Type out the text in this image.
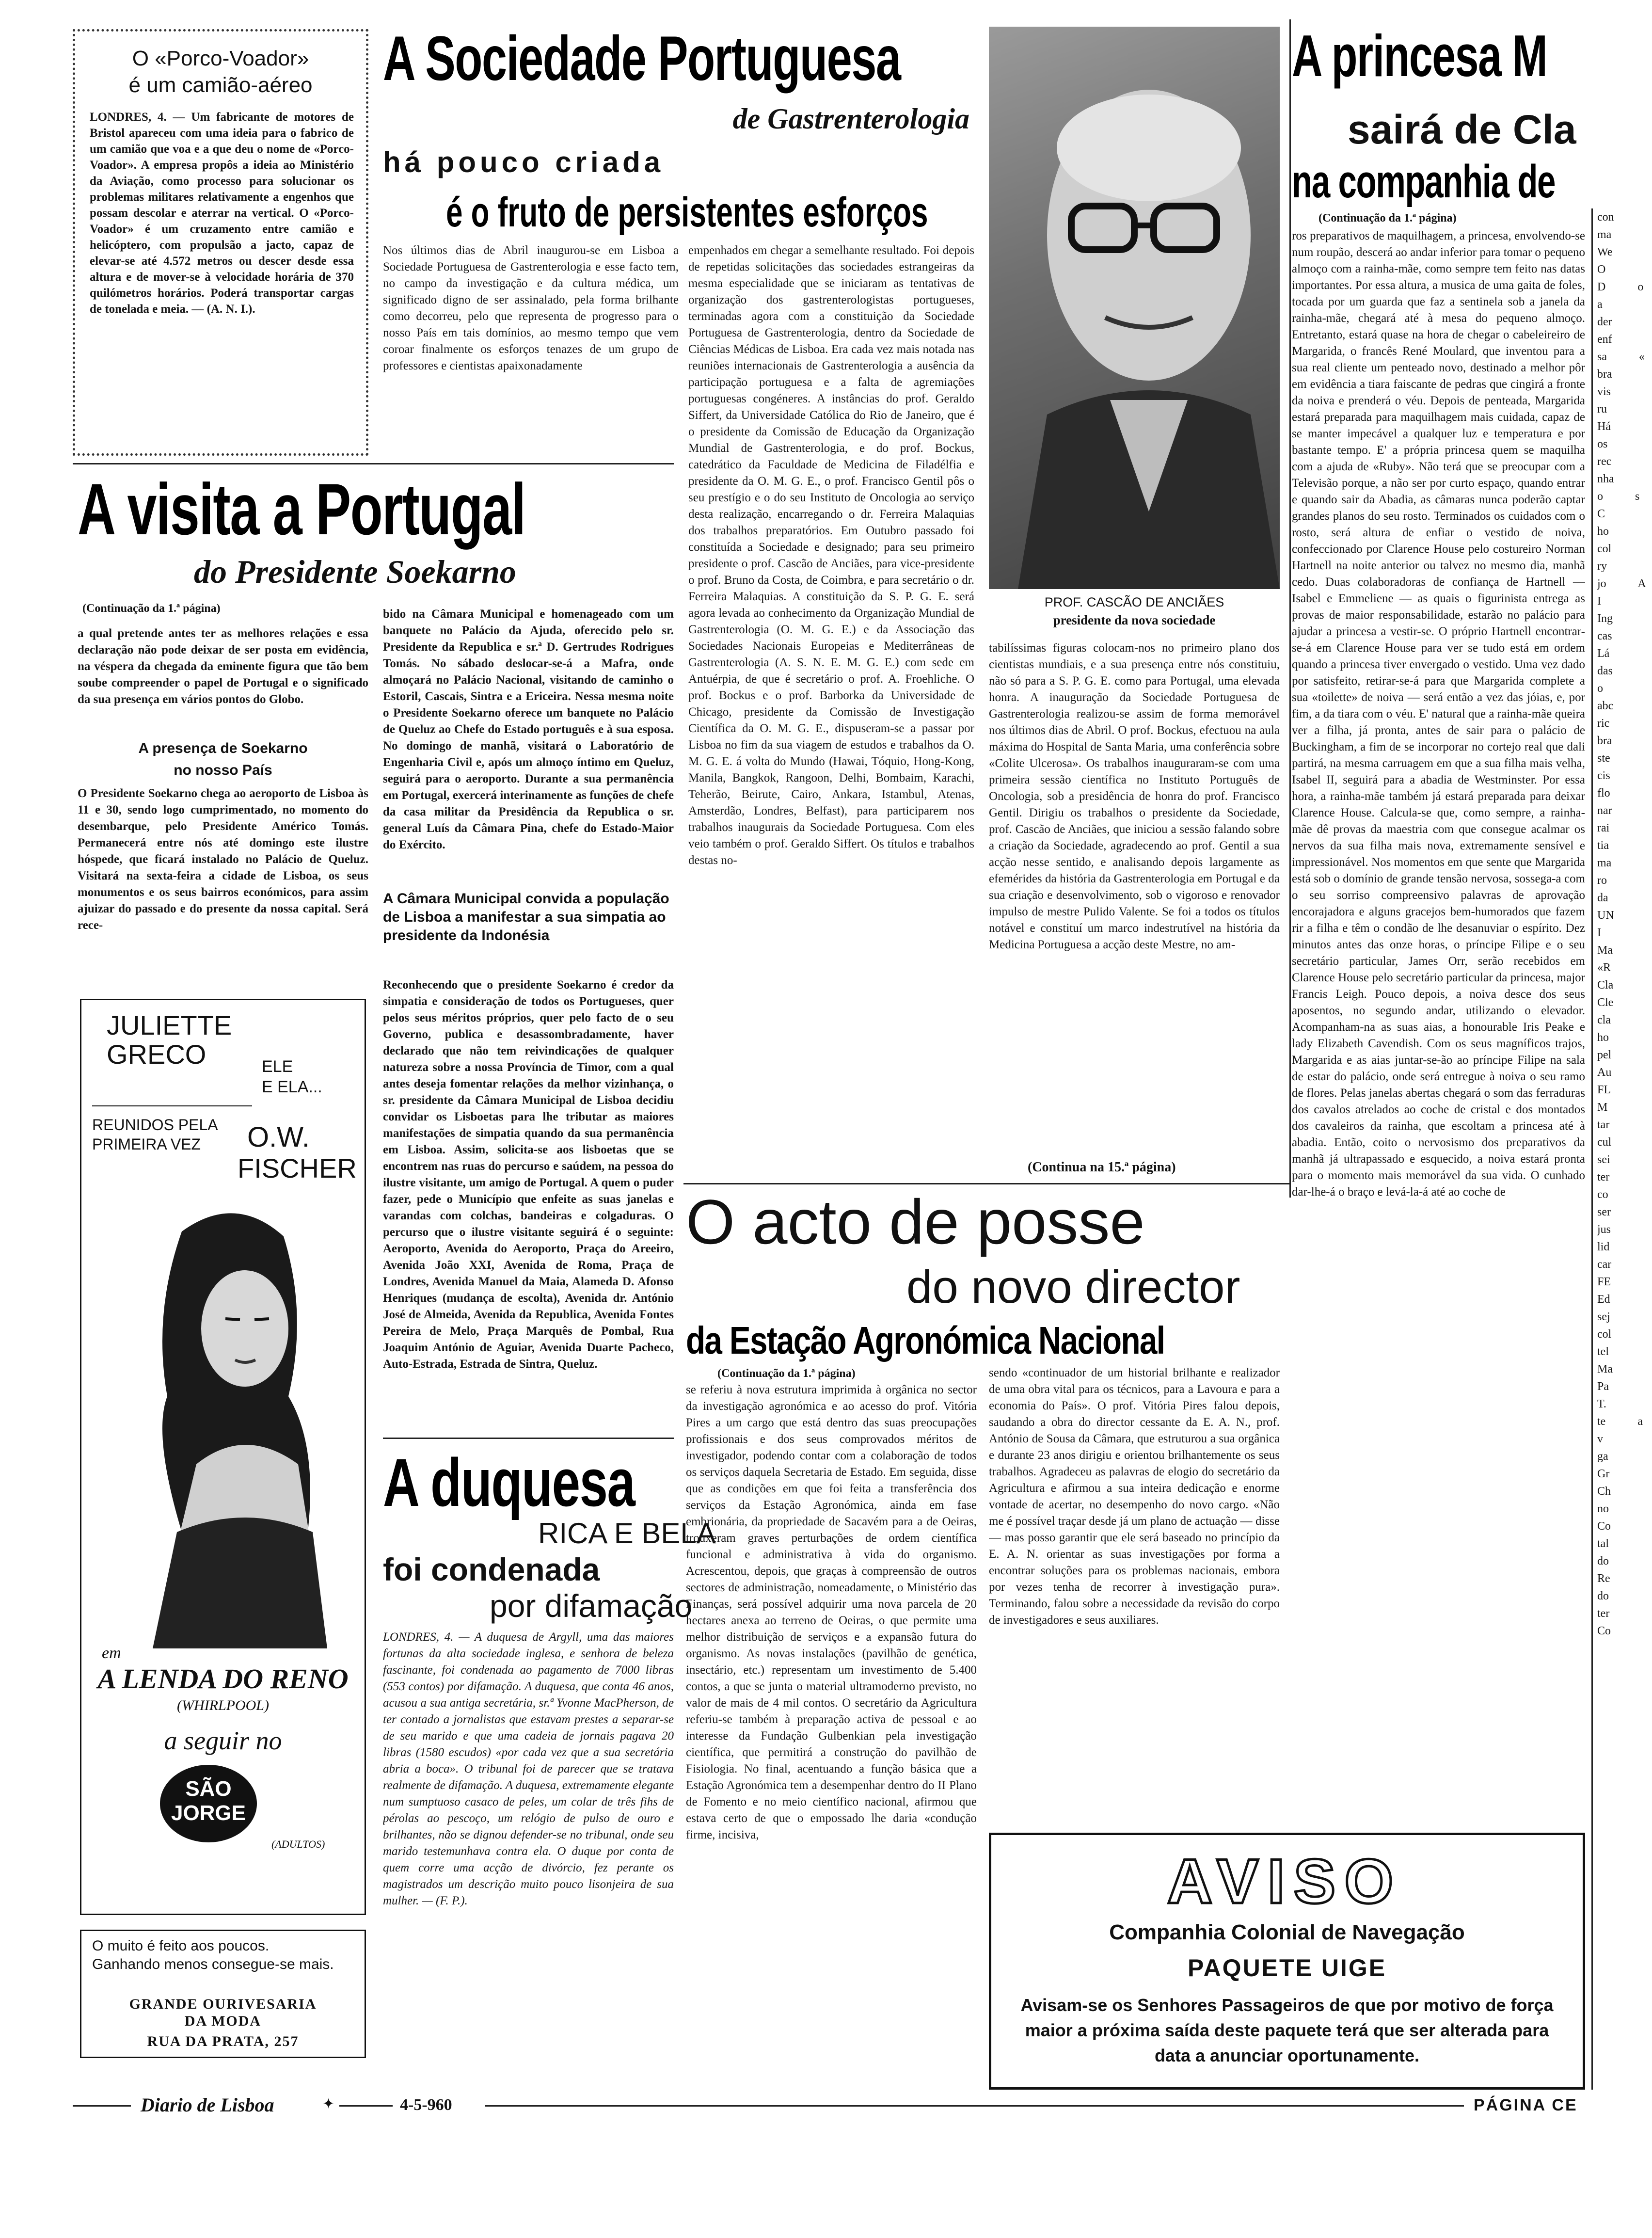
O «Porco-Voador»
é um camião-aéreo
LONDRES, 4. — Um fabricante de motores de Bristol apareceu com uma ideia para o fabrico de um camião que voa e a que deu o nome de «Porco-Voador». A empresa propôs a ideia ao Ministério da Aviação, como processo para solucionar os problemas militares relativamente a engenhos que possam descolar e aterrar na vertical. O «Porco-Voador» é um cruzamento entre camião e helicóptero, com propulsão a jacto, capaz de elevar-se até 4.572 metros ou descer desde essa altura e de mover-se à velocidade horária de 370 quilómetros horários. Poderá transportar cargas de tonelada e meia. — (A. N. I.).
A Sociedade Portuguesa
de Gastrenterologia
há pouco criada
é o fruto de persistentes esforços
Nos últimos dias de Abril inaugurou-se em Lisboa a Sociedade Portuguesa de Gastrenterologia e esse facto tem, no campo da investigação e da cultura médica, um significado digno de ser assinalado, pela forma brilhante como decorreu, pelo que representa de progresso para o nosso País em tais domínios, ao mesmo tempo que vem coroar finalmente os esforços tenazes de um grupo de professores e cientistas apaixonadamente
empenhados em chegar a semelhante resultado. Foi depois de repetidas solicitações das sociedades estrangeiras da mesma especialidade que se iniciaram as tentativas de organização dos gastrenterologistas portugueses, terminadas agora com a constituição da Sociedade Portuguesa de Gastrenterologia, dentro da Sociedade de Ciências Médicas de Lisboa. Era cada vez mais notada nas reuniões internacionais de Gastrenterologia a ausência da participação portuguesa e a falta de agremiações portuguesas congéneres. A instâncias do prof. Geraldo Siffert, da Universidade Católica do Rio de Janeiro, que é o presidente da Comissão de Educação da Organização Mundial de Gastrenterologia, e do prof. Bockus, catedrático da Faculdade de Medicina de Filadélfia e presidente da O. M. G. E., o prof. Francisco Gentil pôs o seu prestígio e o do seu Instituto de Oncologia ao serviço desta realização, encarregando o dr. Ferreira Malaquias dos trabalhos preparatórios. Em Outubro passado foi constituída a Sociedade e designado; para seu primeiro presidente o prof. Cascão de Anciães, para vice-presidente o prof. Bruno da Costa, de Coimbra, e para secretário o dr. Ferreira Malaquias. A constituição da S. P. G. E. será agora levada ao conhecimento da Organização Mundial de Gastrenterologia (O. M. G. E.) e da Associação das Sociedades Nacionais Europeias e Mediterrâneas de Gastrenterologia (A. S. N. E. M. G. E.) com sede em Antuérpia, de que é secretário o prof. A. Froehliche. O prof. Bockus e o prof. Barborka da Universidade de Chicago, presidente da Comissão de Investigação Científica da O. M. G. E., dispuseram-se a passar por Lisboa no fim da sua viagem de estudos e trabalhos da O. M. G. E. á volta do Mundo (Hawai, Tóquio, Hong-Kong, Manila, Bangkok, Rangoon, Delhi, Bombaim, Karachi, Teherão, Beirute, Cairo, Ankara, Istambul, Atenas, Amsterdão, Londres, Belfast), para participarem nos trabalhos inaugurais da Sociedade Portuguesa. Com eles veio também o prof. Geraldo Siffert. Os títulos e trabalhos destas no-
PROF. CASCÃO DE ANCIÃES
presidente da nova sociedade
tabilíssimas figuras colocam-nos no primeiro plano dos cientistas mundiais, e a sua presença entre nós constituiu, não só para a S. P. G. E. como para Portugal, uma elevada honra. A inauguração da Sociedade Portuguesa de Gastrenterologia realizou-se assim de forma memorável nos últimos dias de Abril. O prof. Bockus, efectuou na aula máxima do Hospital de Santa Maria, uma conferência sobre «Colite Ulcerosa». Os trabalhos inauguraram-se com uma primeira sessão científica no Instituto Português de Oncologia, sob a presidência de honra do prof. Francisco Gentil. Dirigiu os trabalhos o presidente da Sociedade, prof. Cascão de Anciães, que iniciou a sessão falando sobre a criação da Sociedade, agradecendo ao prof. Gentil a sua acção nesse sentido, e analisando depois largamente as efemérides da história da Gastrenterologia em Portugal e da sua criação e desenvolvimento, sob o vigoroso e renovador impulso de mestre Pulido Valente. Se foi a todos os títulos notável e constituí um marco indestrutível na história da Medicina Portuguesa a acção deste Mestre, no am-
(Continua na 15.ª página)
A princesa M
sairá de Cla
na companhia de
(Continuação da 1.ª página)
ros preparativos de maquilhagem, a princesa, envolvendo-se num roupão, descerá ao andar inferior para tomar o pequeno almoço com a rainha-mãe, como sempre tem feito nas datas importantes. Por essa altura, a musica de uma gaita de foles, tocada por um guarda que faz a sentinela sob a janela da rainha-mãe, chegará até à mesa do pequeno almoço. Entretanto, estará quase na hora de chegar o cabeleireiro de Margarida, o francês René Moulard, que inventou para a sua real cliente um penteado novo, destinado a melhor pôr em evidência a tiara faiscante de pedras que cingirá a fronte da noiva e prenderá o véu. Depois de penteada, Margarida estará preparada para maquilhagem mais cuidada, capaz de se manter impecável a qualquer luz e temperatura e por bastante tempo. E' a própria princesa quem se maquilha com a ajuda de «Ruby». Não terá que se preocupar com a Televisão porque, a não ser por curto espaço, quando entrar e quando sair da Abadia, as câmaras nunca poderão captar grandes planos do seu rosto. Terminados os cuidados com o rosto, será altura de enfiar o vestido de noiva, confeccionado por Clarence House pelo costureiro Norman Hartnell na noite anterior ou talvez no mesmo dia, manhã cedo. Duas colaboradoras de confiança de Hartnell — Isabel e Emmeliene — as quais o figurinista entrega as provas de maior responsabilidade, estarão no palácio para ajudar a princesa a vestir-se. O próprio Hartnell encontrar-se-á em Clarence House para ver se tudo está em ordem quando a princesa tiver envergado o vestido. Uma vez dado por satisfeito, retirar-se-á para que Margarida complete a sua «toilette» de noiva — será então a vez das jóias, e, por fim, a da tiara com o véu. E' natural que a rainha-mãe queira ver a filha, já pronta, antes de sair para o palácio de Buckingham, a fim de se incorporar no cortejo real que dali partirá, na mesma carruagem em que a sua filha mais velha, Isabel II, seguirá para a abadia de Westminster. Por essa hora, a rainha-mãe também já estará preparada para deixar Clarence House. Calcula-se que, como sempre, a rainha-mãe dê provas da maestria com que consegue acalmar os nervos da sua filha mais nova, extremamente sensível e impressionável. Nos momentos em que sente que Margarida está sob o domínio de grande tensão nervosa, sossega-a com o seu sorriso compreensivo palavras de aprovação encorajadora e alguns gracejos bem-humorados que fazem rir a filha e têm o condão de lhe desanuviar o espírito. Dez minutos antes das onze horas, o príncipe Filipe e o seu secretário particular, James Orr, serão recebidos em Clarence House pelo secretário particular da princesa, major Francis Leigh. Pouco depois, a noiva desce dos seus aposentos, no segundo andar, utilizando o elevador. Acompanham-na as suas aias, a honourable Iris Peake e lady Elizabeth Cavendish. Com os seus magníficos trajos, Margarida e as aias juntar-se-ão ao príncipe Filipe na sala de estar do palácio, onde será entregue à noiva o seu ramo de flores. Pelas janelas abertas chegará o som das ferraduras dos cavalos atrelados ao coche de cristal e dos montados dos cavaleiros da rainha, que escoltam a princesa até à abadia. Então, coito o nervosismo dos preparativos da manhã já ultrapassado e esquecido, a noiva estará pronta para o momento mais memorável da sua vida. O cunhado dar-lhe-á o braço e levá-la-á até ao coche de
con ma We O D o a der enf sa « bra vis ru Há os rec nha o s C ho col ry jo A I Ing cas Lá das o abc ric bra ste cis flo nar rai tia ma ro da UN I Ma «R Cla Cle cla ho pel Au FL M tar cul sei ter co ser jus lid car FE Ed sej col tel Ma Pa T. te a v ga Gr Ch no Co tal do Re do ter Co
A visita a Portugal
do Presidente Soekarno
(Continuação da 1.ª página)
a qual pretende antes ter as melhores relações e essa declaração não pode deixar de ser posta em evidência, na véspera da chegada da eminente figura que tão bem soube compreender o papel de Portugal e o significado da sua presença em vários pontos do Globo.
A presença de Soekarno
no nosso País
O Presidente Soekarno chega ao aeroporto de Lisboa às 11 e 30, sendo logo cumprimentado, no momento do desembarque, pelo Presidente Américo Tomás. Permanecerá entre nós até domingo este ilustre hóspede, que ficará instalado no Palácio de Queluz. Visitará na sexta-feira a cidade de Lisboa, os seus monumentos e os seus bairros económicos, para assim ajuizar do passado e do presente da nossa capital. Será rece-
bido na Câmara Municipal e homenageado com um banquete no Palácio da Ajuda, oferecido pelo sr. Presidente da Republica e sr.ª D. Gertrudes Rodrigues Tomás. No sábado deslocar-se-á a Mafra, onde almoçará no Palácio Nacional, visitando de caminho o Estoril, Cascais, Sintra e a Ericeira. Nessa mesma noite o Presidente Soekarno oferece um banquete no Palácio de Queluz ao Chefe do Estado português e à sua esposa. No domingo de manhã, visitará o Laboratório de Engenharia Civil e, após um almoço íntimo em Queluz, seguirá para o aeroporto. Durante a sua permanência em Portugal, exercerá interinamente as funções de chefe da casa militar da Presidência da Republica o sr. general Luís da Câmara Pina, chefe do Estado-Maior do Exército.
A Câmara Municipal convida a população de Lisboa a manifestar a sua simpatia ao presidente da Indonésia
Reconhecendo que o presidente Soekarno é credor da simpatia e consideração de todos os Portugueses, quer pelos seus méritos próprios, quer pelo facto de o seu Governo, publica e desassombradamente, haver declarado que não tem reivindicações de qualquer natureza sobre a nossa Província de Timor, com a qual antes deseja fomentar relações da melhor vizinhança, o sr. presidente da Câmara Municipal de Lisboa decidiu convidar os Lisboetas para lhe tributar as maiores manifestações de simpatia quando da sua permanência em Lisboa. Assim, solicita-se aos lisboetas que se encontrem nas ruas do percurso e saúdem, na pessoa do ilustre visitante, um amigo de Portugal. A quem o puder fazer, pede o Município que enfeite as suas janelas e varandas com colchas, bandeiras e colgaduras. O percurso que o ilustre visitante seguirá é o seguinte: Aeroporto, Avenida do Aeroporto, Praça do Areeiro, Avenida João XXI, Avenida de Roma, Praça de Londres, Avenida Manuel da Maia, Alameda D. Afonso Henriques (mudança de escolta), Avenida dr. António José de Almeida, Avenida da Republica, Avenida Fontes Pereira de Melo, Praça Marquês de Pombal, Rua Joaquim António de Aguiar, Avenida Duarte Pacheco, Auto-Estrada, Estrada de Sintra, Queluz.
JULIETTE
GRECO	ELE
E ELA...
REUNIDOS PELA PRIMEIRA VEZ	O.W.
FISCHER
em
A LENDA DO RENO
(WHIRLPOOL)
a seguir no
SÃO
JORGE
(ADULTOS)
O muito é feito aos poucos.
Ganhando menos consegue-se mais.
GRANDE OURIVESARIA
DA MODA
RUA DA PRATA, 257
A duquesa
RICA E BELA
foi condenada
por difamação
LONDRES, 4. — A duquesa de Argyll, uma das maiores fortunas da alta sociedade inglesa, e senhora de beleza fascinante, foi condenada ao pagamento de 7000 libras (553 contos) por difamação. A duquesa, que conta 46 anos, acusou a sua antiga secretária, sr.ª Yvonne MacPherson, de ter contado a jornalistas que estavam prestes a separar-se de seu marido e que uma cadeia de jornais pagava 20 libras (1580 escudos) «por cada vez que a sua secretária abria a boca». O tribunal foi de parecer que se tratava realmente de difamação. A duquesa, extremamente elegante num sumptuoso casaco de peles, um colar de três fihs de pérolas ao pescoço, um relógio de pulso de ouro e brilhantes, não se dignou defender-se no tribunal, onde seu marido testemunhava contra ela. O duque por conta de quem corre uma acção de divórcio, fez perante os magistrados um descrição muito pouco lisonjeira de sua mulher. — (F. P.).
O acto de posse
do novo director
da Estação Agronómica Nacional
(Continuação da 1.ª página)
se referiu à nova estrutura imprimida à orgânica no sector da investigação agronómica e ao acesso do prof. Vitória Pires a um cargo que está dentro das suas preocupações profissionais e dos seus comprovados méritos de investigador, podendo contar com a colaboração de todos os serviços daquela Secretaria de Estado. Em seguida, disse que as condições em que foi feita a transferência dos serviços da Estação Agronómica, ainda em fase embrionária, da propriedade de Sacavém para a de Oeiras, trouxeram graves perturbações de ordem científica funcional e administrativa à vida do organismo. Acrescentou, depois, que graças à compreensão de outros sectores de administração, nomeadamente, o Ministério das Finanças, será possível adquirir uma nova parcela de 20 hectares anexa ao terreno de Oeiras, o que permite uma melhor distribuição de serviços e a expansão futura do organismo. As novas instalações (pavilhão de genética, insectário, etc.) representam um investimento de 5.400 contos, a que se junta o material ultramoderno previsto, no valor de mais de 4 mil contos. O secretário da Agricultura referiu-se também à preparação activa de pessoal e ao interesse da Fundação Gulbenkian pela investigação científica, que permitirá a construção do pavilhão de Fisiologia. No final, acentuando a função básica que a Estação Agronómica tem a desempenhar dentro do II Plano de Fomento e no meio científico nacional, afirmou que estava certo de que o empossado lhe daria «condução firme, incisiva,
sendo «continuador de um historial brilhante e realizador de uma obra vital para os técnicos, para a Lavoura e para a economia do País». O prof. Vitória Pires falou depois, saudando a obra do director cessante da E. A. N., prof. António de Sousa da Câmara, que estruturou a sua orgânica e durante 23 anos dirigiu e orientou brilhantemente os seus trabalhos. Agradeceu as palavras de elogio do secretário da Agricultura e afirmou a sua inteira dedicação e enorme vontade de acertar, no desempenho do novo cargo. «Não me é possível traçar desde já um plano de actuação — disse — mas posso garantir que ele será baseado no princípio da E. A. N. orientar as suas investigações por forma a encontrar soluções para os problemas nacionais, embora por vezes tenha de recorrer à investigação pura». Terminando, falou sobre a necessidade da revisão do corpo de investigadores e seus auxiliares.
AVISO
Companhia Colonial de Navegação
PAQUETE UIGE
Avisam-se os Senhores Passageiros de que por motivo de força maior a próxima saída deste paquete terá que ser alterada para data a anunciar oportunamente.
Diario de Lisboa	✦	4-5-960	PÁGINA CE
